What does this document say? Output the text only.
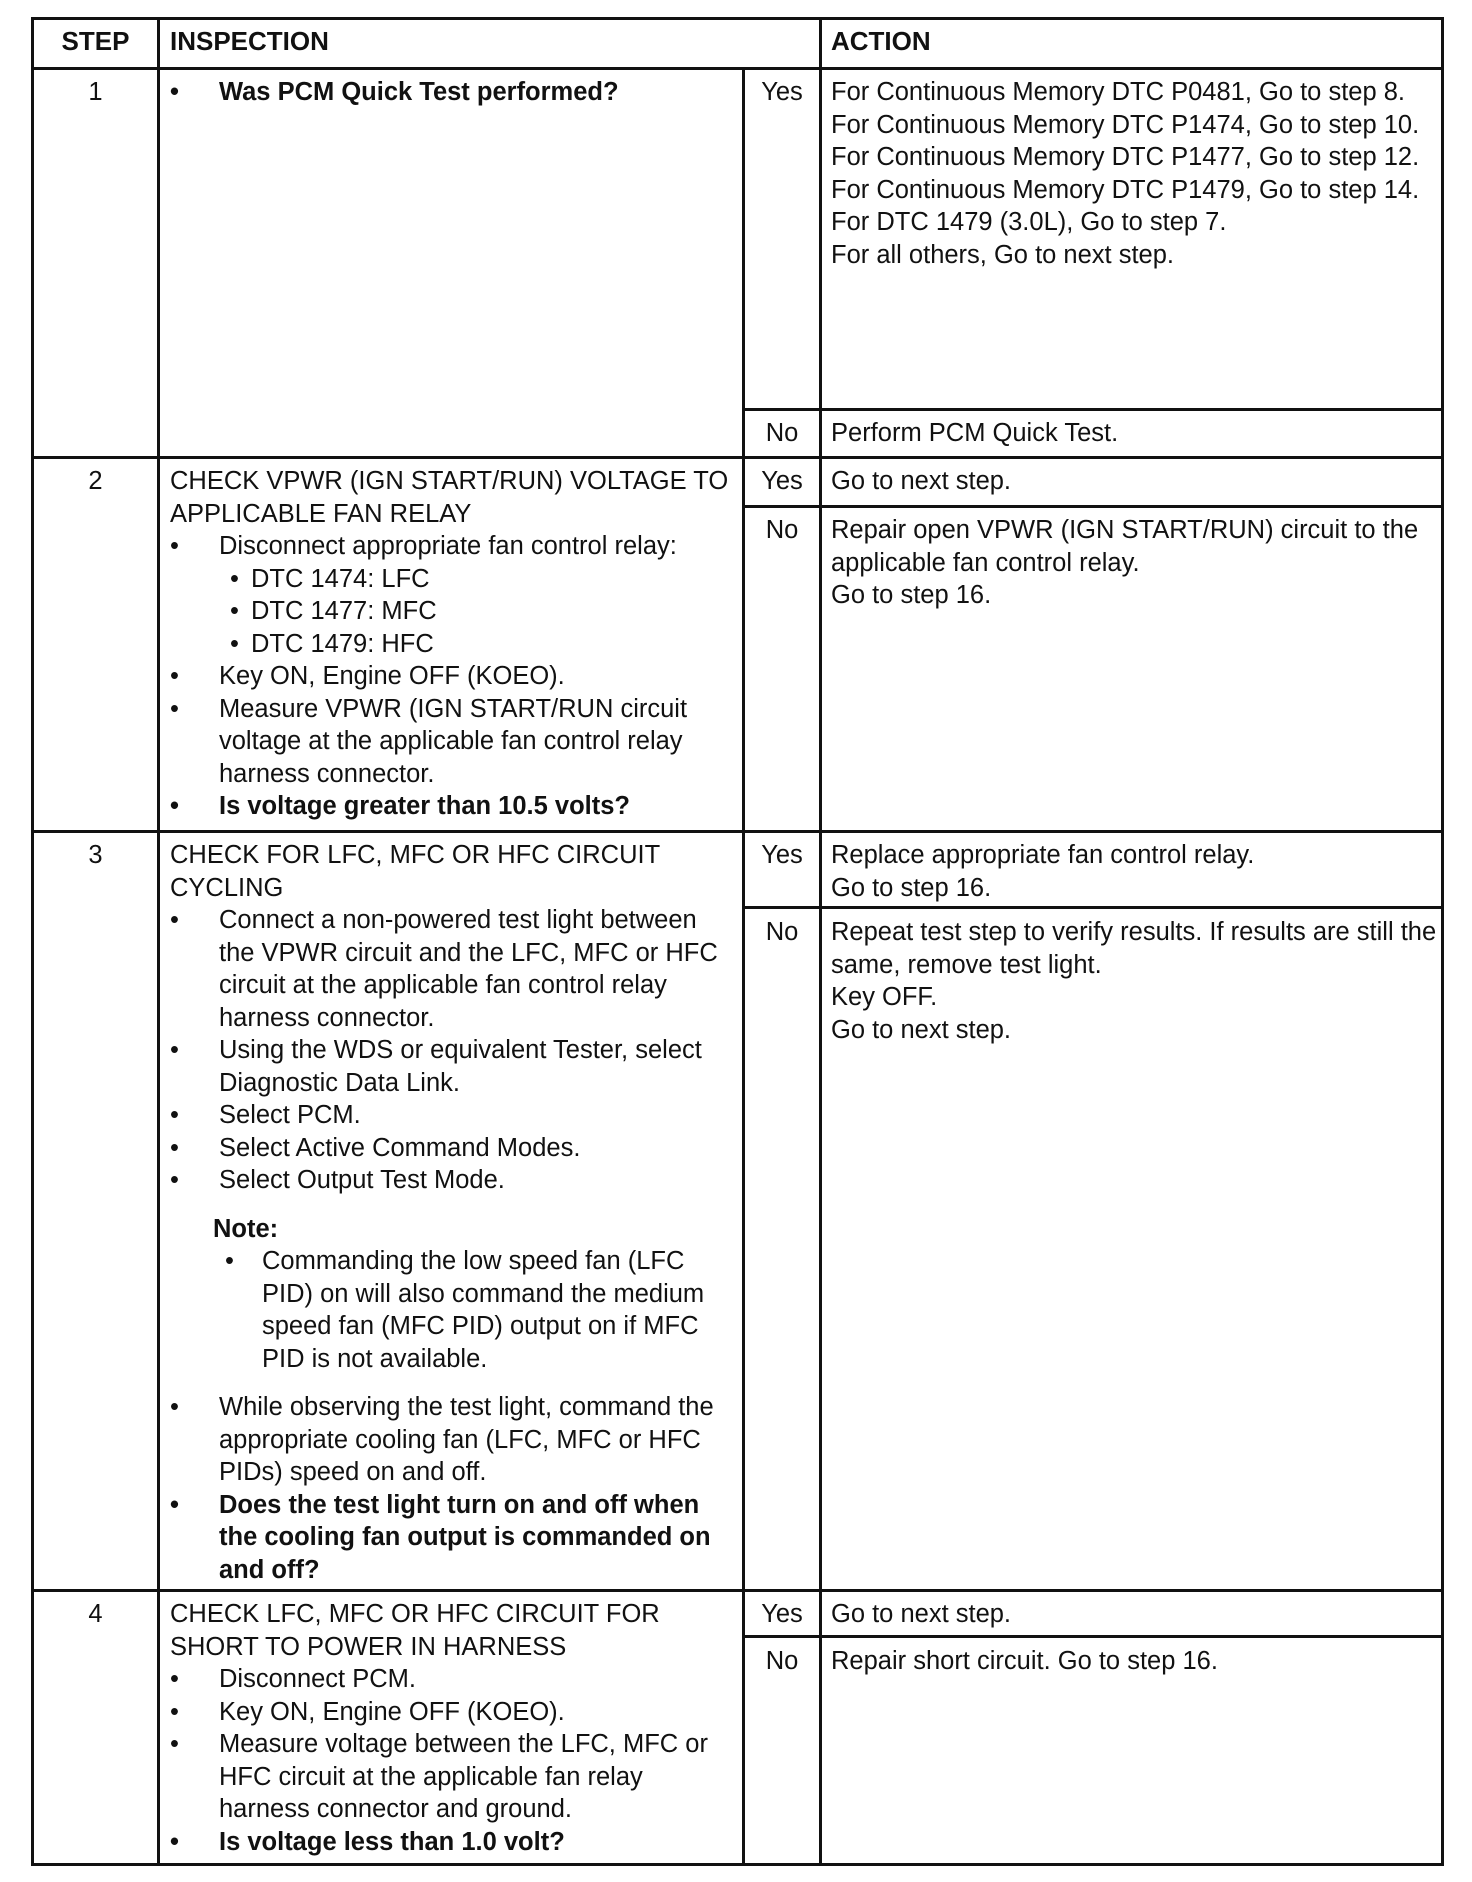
STEP	INSPECTION	ACTION
1

•	Was PCM Quick Test performed?	Yes	For Continuous Memory DTC P0481, Go to step 8.

For Continuous Memory DTC P1474, Go to step 10.

For Continuous Memory DTC P1477, Go to step 12.

For Continuous Memory DTC P1479, Go to step 14.

For DTC 1479 (3.0L), Go to step 7.

For all others, Go to next step.

No	Perform PCM Quick Test.

2	CHECK VPWR (IGN START/RUN) VOLTAGE TO APPLICABLE FAN RELAY

• Disconnect appropriate fan control relay:

• DTC 1474: LFC

• DTC 1477: MFC

• DTC 1479: HFC

• Key ON, Engine OFF (KOEO).

• Measure VPWR (IGN START/RUN circuit voltage at the applicable fan control relay harness connector.

• Is voltage greater than 10.5 volts?

Yes	Go to next step.

No	Repair open VPWR (IGN START/RUN) circuit to the applicable fan control relay.

Go to step 16.

3	CHECK FOR LFC, MFC OR HFC CIRCUIT CYCLING

• Connect a non-powered test light between the VPWR circuit and the LFC, MFC or HFC circuit at the applicable fan control relay harness connector.

• Using the WDS or equivalent Tester, select Diagnostic Data Link.

• Select PCM.

• Select Active Command Modes.

• Select Output Test Mode.

Note:

• Commanding the low speed fan (LFC PID) on will also command the medium speed fan (MFC PID) output on if MFC PID is not available.

• While observing the test light, command the appropriate cooling fan (LFC, MFC or HFC PIDs) speed on and off.

• Does the test light turn on and off when the cooling fan output is commanded on and off?

Yes	Replace appropriate fan control relay.

Go to step 16.

No	Repeat test step to verify results. If results are still the same, remove test light.

Key OFF.

Go to next step.

4	CHECK LFC, MFC OR HFC CIRCUIT FOR SHORT TO POWER IN HARNESS

• Disconnect PCM.

• Key ON, Engine OFF (KOEO).

• Measure voltage between the LFC, MFC or HFC circuit at the applicable fan relay harness connector and ground.

• Is voltage less than 1.0 volt?

Yes	Go to next step.

No	Repair short circuit. Go to step 16.
